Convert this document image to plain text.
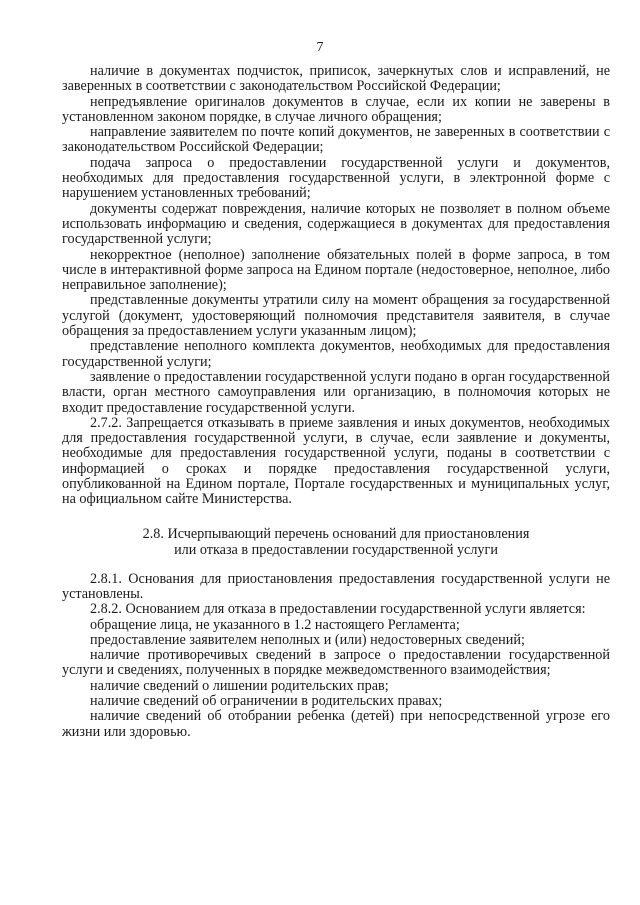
7

наличие в документах подчисток, приписок, зачеркнутых слов и исправлений, не заверенных в соответствии с законодательством Российской Федерации;

непредъявление оригиналов документов в случае, если их копии не заверены в установленном законом порядке, в случае личного обращения;

направление заявителем по почте копий документов, не заверенных в соответствии с законодательством Российской Федерации;

подача запроса о предоставлении государственной услуги и документов, необходимых для предоставления государственной услуги, в электронной форме с нарушением установленных требований;

документы содержат повреждения, наличие которых не позволяет в полном объеме использовать информацию и сведения, содержащиеся в документах для предоставления государственной услуги;

некорректное (неполное) заполнение обязательных полей в форме запроса, в том числе в интерактивной форме запроса на Едином портале (недостоверное, неполное, либо неправильное заполнение);

представленные документы утратили силу на момент обращения за государственной услугой (документ, удостоверяющий полномочия представителя заявителя, в случае обращения за предоставлением услуги указанным лицом);

представление неполного комплекта документов, необходимых для предоставления государственной услуги;

заявление о предоставлении государственной услуги подано в орган государственной власти, орган местного самоуправления или организацию, в полномочия которых не входит предоставление государственной услуги.

2.7.2. Запрещается отказывать в приеме заявления и иных документов, необходимых для предоставления государственной услуги, в случае, если заявление и документы, необходимые для предоставления государственной услуги, поданы в соответствии с информацией о сроках и порядке предоставления государственной услуги, опубликованной на Едином портале, Портале государственных и муниципальных услуг, на официальном сайте Министерства.

2.8. Исчерпывающий перечень оснований для приостановления
или отказа в предоставлении государственной услуги

2.8.1. Основания для приостановления предоставления государственной услуги не установлены.

2.8.2. Основанием для отказа в предоставлении государственной услуги является:

обращение лица, не указанного в 1.2 настоящего Регламента;

предоставление заявителем неполных и (или) недостоверных сведений;

наличие противоречивых сведений в запросе о предоставлении государственной услуги и сведениях, полученных в порядке межведомственного взаимодействия;

наличие сведений о лишении родительских прав;

наличие сведений об ограничении в родительских правах;

наличие сведений об отобрании ребенка (детей) при непосредственной угрозе его жизни или здоровью.
